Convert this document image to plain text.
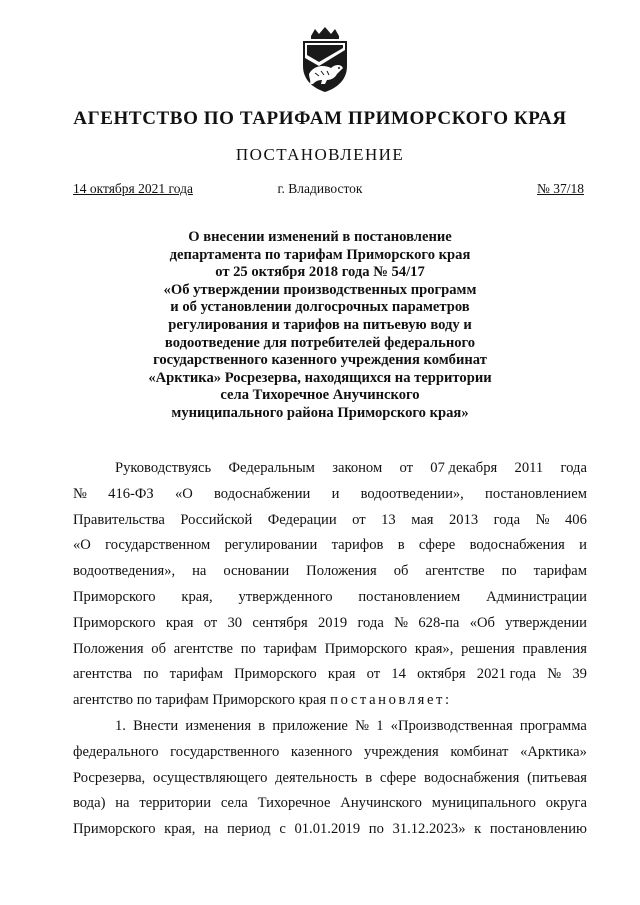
АГЕНТСТВО ПО ТАРИФАМ ПРИМОРСКОГО КРАЯ
ПОСТАНОВЛЕНИЕ
14 октября 2021 года	г. Владивосток	№ 37/18
О внесении изменений в постановление
департамента по тарифам Приморского края
от 25 октября 2018 года № 54/17
«Об утверждении производственных программ
и об установлении долгосрочных параметров
регулирования и тарифов на питьевую воду и
водоотведение для потребителей федерального
государственного казенного учреждения комбинат
«Арктика» Росрезерва, находящихся на территории
села Тихоречное Анучинского
муниципального района Приморского края»
Руководствуясь Федеральным законом от 07 декабря 2011 года
№ 416-ФЗ «О водоснабжении и водоотведении», постановлением
Правительства Российской Федерации от 13 мая 2013 года № 406
«О государственном регулировании тарифов в сфере водоснабжения и
водоотведения», на основании Положения об агентстве по тарифам
Приморского края, утвержденного постановлением Администрации
Приморского края от 30 сентября 2019 года № 628-па «Об утверждении
Положения об агентстве по тарифам Приморского края», решения правления
агентства по тарифам Приморского края от 14 октября 2021 года № 39
агентство по тарифам Приморского края постановляет:
1. Внести изменения в приложение № 1 «Производственная программа
федерального государственного казенного учреждения комбинат «Арктика»
Росрезерва, осуществляющего деятельность в сфере водоснабжения (питьевая
вода) на территории села Тихоречное Анучинского муниципального округа
Приморского края, на период с 01.01.2019 по 31.12.2023» к постановлению
